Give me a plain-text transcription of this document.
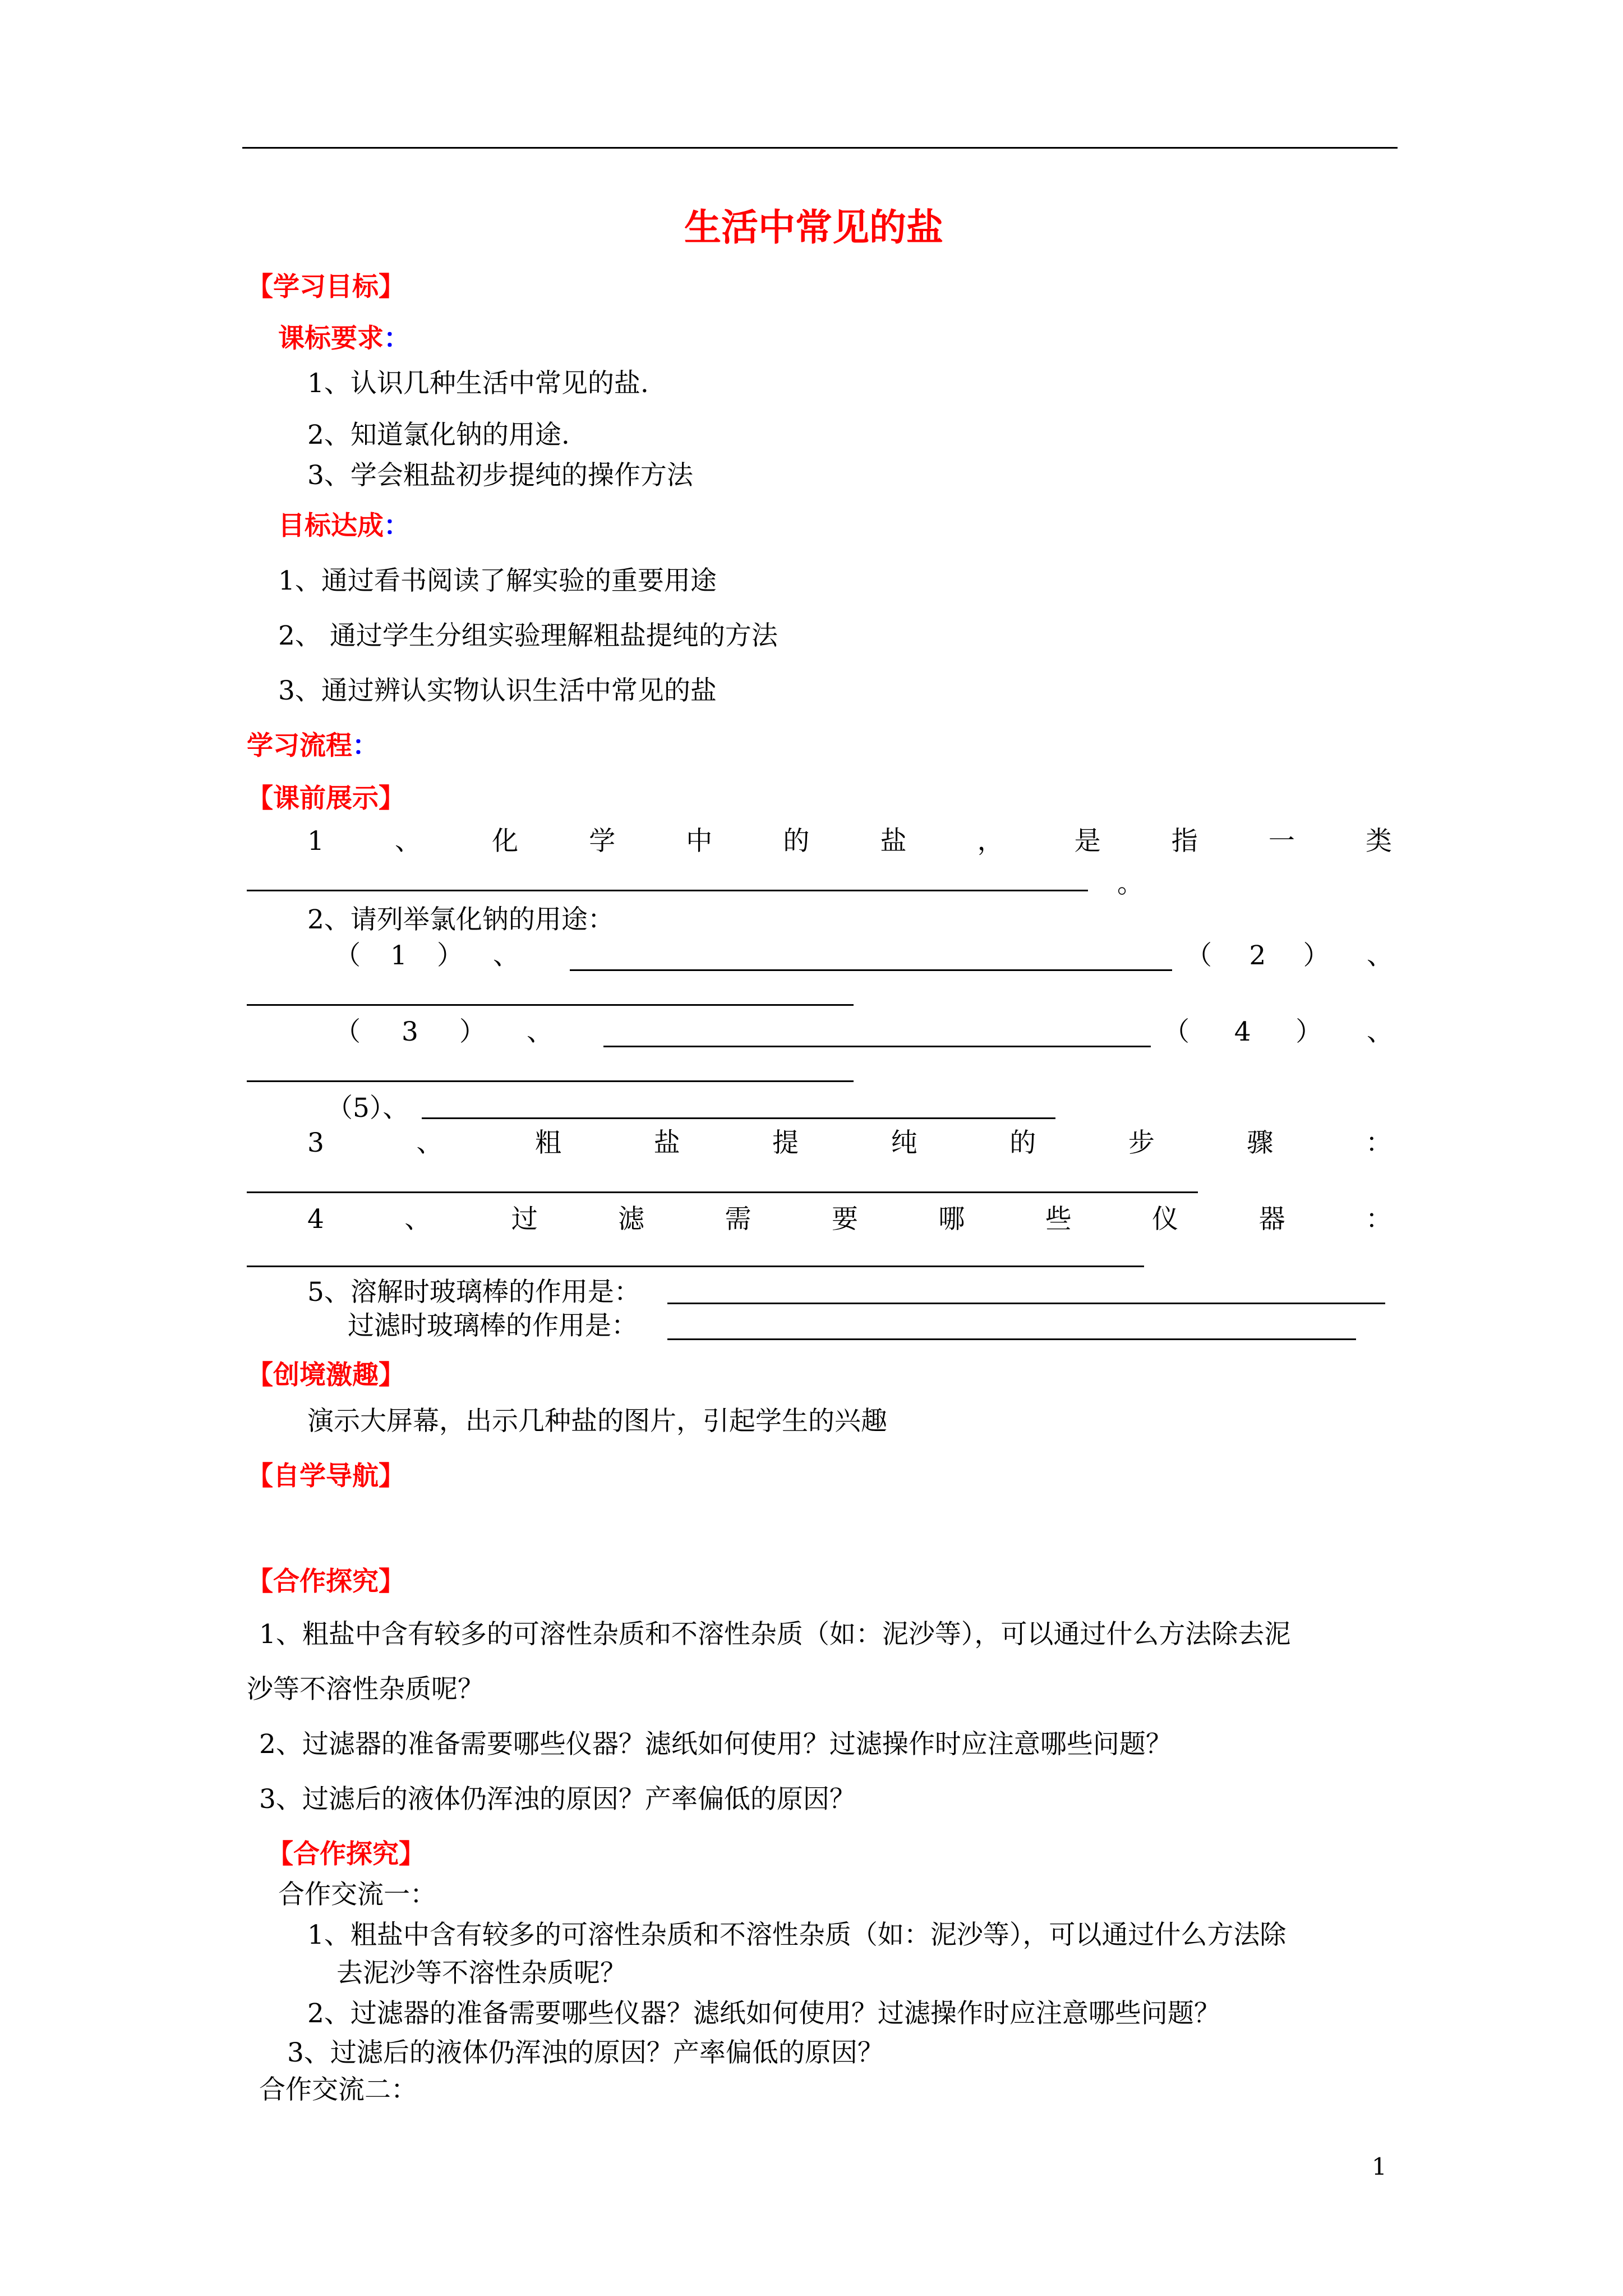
生活中常见的盐
【学习目标】
课标要求：
1、认识几种生活中常见的盐.
2、知道氯化钠的用途.
3、学会粗盐初步提纯的操作方法
目标达成：
1、通过看书阅读了解实验的重要用途
2、 通过学生分组实验理解粗盐提纯的方法
3、通过辨认实物认识生活中常见的盐
学习流程：
【课前展示】
1	、	化	学	中	的	盐	，	是	指	一	类
。
2、请列举氯化钠的用途：
（ 1 ） 、	（ 2 ） 、
（ 3 ） 、	（ 4 ） 、
（5）、
3	、	粗	盐	提	纯	的	步	骤	：
4	、	过	滤	需	要	哪	些	仪	器	：
5、溶解时玻璃棒的作用是：
过滤时玻璃棒的作用是：
【创境激趣】
演示大屏幕，出示几种盐的图片，引起学生的兴趣
【自学导航】
【合作探究】
1、粗盐中含有较多的可溶性杂质和不溶性杂质（如：泥沙等），可以通过什么方法除去泥
沙等不溶性杂质呢？
2、过滤器的准备需要哪些仪器？滤纸如何使用？过滤操作时应注意哪些问题？
3、过滤后的液体仍浑浊的原因？产率偏低的原因？
【合作探究】
合作交流一：
1、粗盐中含有较多的可溶性杂质和不溶性杂质（如：泥沙等），可以通过什么方法除
去泥沙等不溶性杂质呢？
2、过滤器的准备需要哪些仪器？滤纸如何使用？过滤操作时应注意哪些问题？
3、过滤后的液体仍浑浊的原因？产率偏低的原因？
合作交流二：
1
